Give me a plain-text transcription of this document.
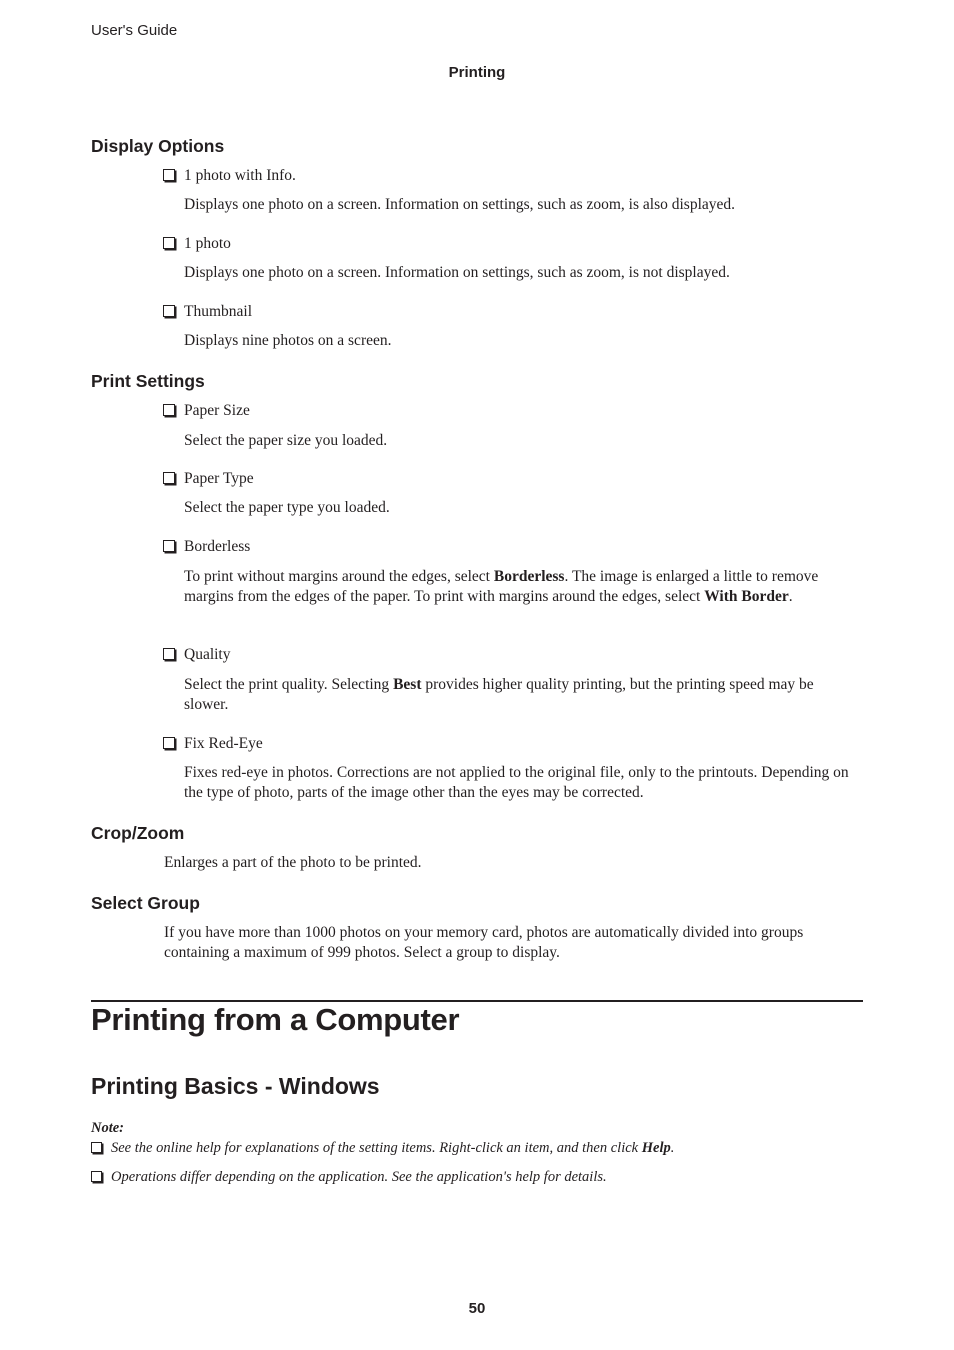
User's Guide
Printing
Display Options
1 photo with Info.
Displays one photo on a screen. Information on settings, such as zoom, is also displayed.
1 photo
Displays one photo on a screen. Information on settings, such as zoom, is not displayed.
Thumbnail
Displays nine photos on a screen.
Print Settings
Paper Size
Select the paper size you loaded.
Paper Type
Select the paper type you loaded.
Borderless
To print without margins around the edges, select Borderless. The image is enlarged a little to remove margins from the edges of the paper. To print with margins around the edges, select With Border.
Quality
Select the print quality. Selecting Best provides higher quality printing, but the printing speed may be slower.
Fix Red-Eye
Fixes red-eye in photos. Corrections are not applied to the original file, only to the printouts. Depending on the type of photo, parts of the image other than the eyes may be corrected.
Crop/Zoom
Enlarges a part of the photo to be printed.
Select Group
If you have more than 1000 photos on your memory card, photos are automatically divided into groups containing a maximum of 999 photos. Select a group to display.
Printing from a Computer
Printing Basics - Windows
Note:
See the online help for explanations of the setting items. Right-click an item, and then click Help.
Operations differ depending on the application. See the application's help for details.
50
